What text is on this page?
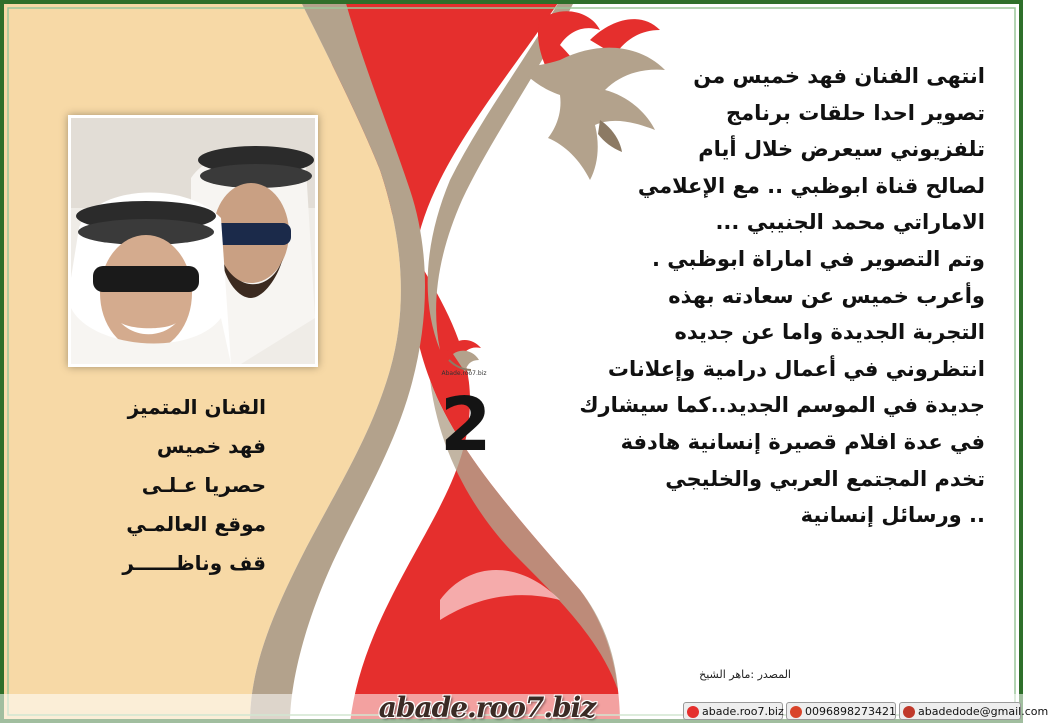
انتهى الفنان فهد خميس من
تصوير احدا حلقات برنامج
تلفزيوني سيعرض خلال أيام
لصالح قناة ابوظبي .. مع الإعلامي
الاماراتي محمد الجنيبي ...
وتم التصوير في اماراة ابوظبي .
وأعرب خميس عن سعادته بهذه
التجربة الجديدة واما عن جديده
انتظروني في أعمال درامية وإعلانات
جديدة في الموسم الجديد..كما سيشارك
في عدة افلام قصيرة إنسانية هادفة
تخدم المجتمع العربي والخليجي
.. ورسائل إنسانية
الفنان المتميز
فهد خميس
حصريا عـلـى
موقع العالمـي
قف وناظــــــر
Abade.roo7.biz
2
المصدر :ماهر الشيخ
abade.roo7.biz	abade.roo7.biz	0096898273421	abadedode@gmail.com
